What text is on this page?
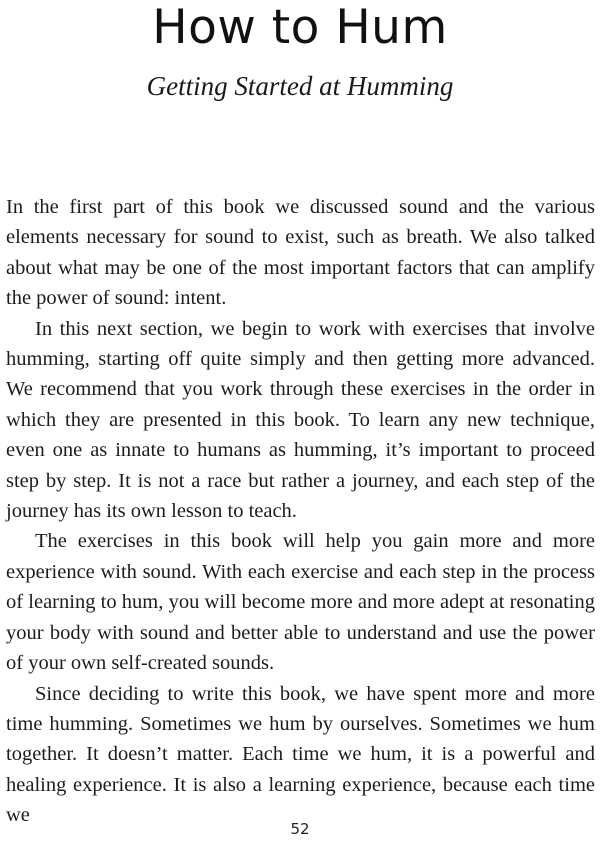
How to Hum
Getting Started at Humming

In the first part of this book we discussed sound and the various elements necessary for sound to exist, such as breath. We also talked about what may be one of the most important factors that can amplify the power of sound: intent.

In this next section, we begin to work with exercises that involve humming, starting off quite simply and then getting more advanced. We recommend that you work through these exercises in the order in which they are presented in this book. To learn any new technique, even one as innate to humans as humming, it’s important to proceed step by step. It is not a race but rather a journey, and each step of the journey has its own lesson to teach.

The exercises in this book will help you gain more and more experience with sound. With each exercise and each step in the process of learning to hum, you will become more and more adept at resonating your body with sound and better able to understand and use the power of your own self-created sounds.

Since deciding to write this book, we have spent more and more time humming. Sometimes we hum by ourselves. Sometimes we hum together. It doesn’t matter. Each time we hum, it is a powerful and healing experience. It is also a learning experience, because each time we

52
